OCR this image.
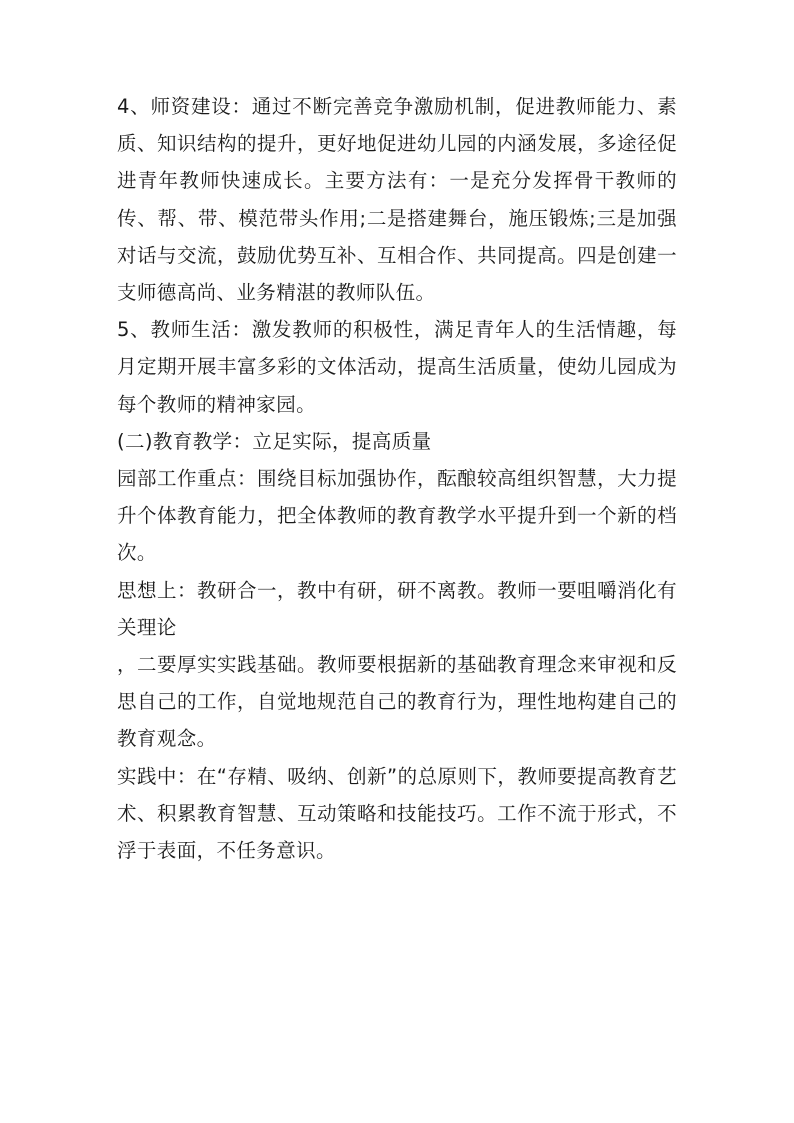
4、师资建设：通过不断完善竞争激励机制，促进教师能力、素质、知识结构的提升，更好地促进幼儿园的内涵发展，多途径促进青年教师快速成长。主要方法有：一是充分发挥骨干教师的传、帮、带、模范带头作用;二是搭建舞台，施压锻炼;三是加强对话与交流，鼓励优势互补、互相合作、共同提高。四是创建一支师德高尚、业务精湛的教师队伍。

5、教师生活：激发教师的积极性，满足青年人的生活情趣，每月定期开展丰富多彩的文体活动，提高生活质量，使幼儿园成为每个教师的精神家园。

(二)教育教学：立足实际，提高质量

园部工作重点：围绕目标加强协作，酝酿较高组织智慧，大力提升个体教育能力，把全体教师的教育教学水平提升到一个新的档次。

思想上：教研合一，教中有研，研不离教。教师一要咀嚼消化有关理论

，二要厚实实践基础。教师要根据新的基础教育理念来审视和反思自己的工作，自觉地规范自己的教育行为，理性地构建自己的教育观念。

实践中：在“存精、吸纳、创新”的总原则下，教师要提高教育艺术、积累教育智慧、互动策略和技能技巧。工作不流于形式，不浮于表面，不任务意识。
